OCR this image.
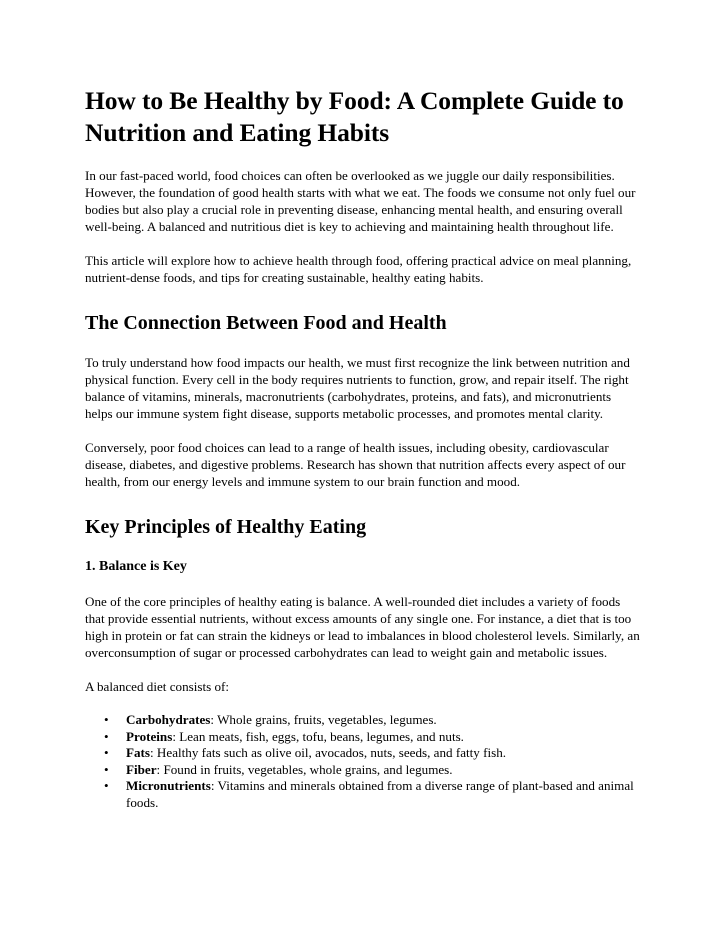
How to Be Healthy by Food: A Complete Guide to Nutrition and Eating Habits

In our fast-paced world, food choices can often be overlooked as we juggle our daily responsibilities. However, the foundation of good health starts with what we eat. The foods we consume not only fuel our bodies but also play a crucial role in preventing disease, enhancing mental health, and ensuring overall well-being. A balanced and nutritious diet is key to achieving and maintaining health throughout life.

This article will explore how to achieve health through food, offering practical advice on meal planning, nutrient-dense foods, and tips for creating sustainable, healthy eating habits.

The Connection Between Food and Health

To truly understand how food impacts our health, we must first recognize the link between nutrition and physical function. Every cell in the body requires nutrients to function, grow, and repair itself. The right balance of vitamins, minerals, macronutrients (carbohydrates, proteins, and fats), and micronutrients helps our immune system fight disease, supports metabolic processes, and promotes mental clarity.

Conversely, poor food choices can lead to a range of health issues, including obesity, cardiovascular disease, diabetes, and digestive problems. Research has shown that nutrition affects every aspect of our health, from our energy levels and immune system to our brain function and mood.

Key Principles of Healthy Eating
1. Balance is Key

One of the core principles of healthy eating is balance. A well-rounded diet includes a variety of foods that provide essential nutrients, without excess amounts of any single one. For instance, a diet that is too high in protein or fat can strain the kidneys or lead to imbalances in blood cholesterol levels. Similarly, an overconsumption of sugar or processed carbohydrates can lead to weight gain and metabolic issues.

A balanced diet consists of:

• Carbohydrates: Whole grains, fruits, vegetables, legumes.
• Proteins: Lean meats, fish, eggs, tofu, beans, legumes, and nuts.
• Fats: Healthy fats such as olive oil, avocados, nuts, seeds, and fatty fish.
• Fiber: Found in fruits, vegetables, whole grains, and legumes.
• Micronutrients: Vitamins and minerals obtained from a diverse range of plant-based and animal foods.
